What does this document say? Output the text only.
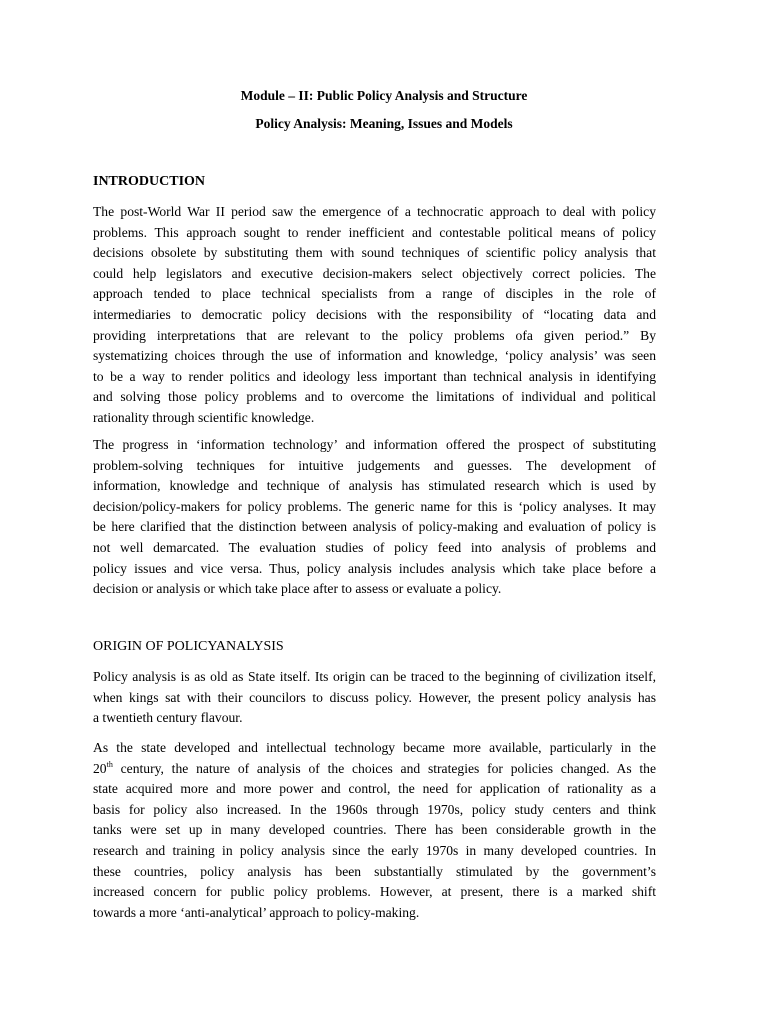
Module – II: Public Policy Analysis and Structure
Policy Analysis: Meaning, Issues and Models
INTRODUCTION
The post-World War II period saw the emergence of a technocratic approach to deal with policy
problems. This approach sought to render inefficient and contestable political means of policy
decisions obsolete by substituting them with sound techniques of scientific policy analysis that
could help legislators and executive decision-makers select objectively correct policies. The
approach tended to place technical specialists from a range of disciples in the role of
intermediaries to democratic policy decisions with the responsibility of “locating data and
providing interpretations that are relevant to the policy problems ofa given period.” By
systematizing choices through the use of information and knowledge, ‘policy analysis’ was seen
to be a way to render politics and ideology less important than technical analysis in identifying
and solving those policy problems and to overcome the limitations of individual and political
rationality through scientific knowledge.
The progress in ‘information technology’ and information offered the prospect of substituting
problem-solving techniques for intuitive judgements and guesses. The development of
information, knowledge and technique of analysis has stimulated research which is used by
decision/policy-makers for policy problems. The generic name for this is ‘policy analyses. It may
be here clarified that the distinction between analysis of policy-making and evaluation of policy is
not well demarcated. The evaluation studies of policy feed into analysis of problems and
policy issues and vice versa. Thus, policy analysis includes analysis which take place before a
decision or analysis or which take place after to assess or evaluate a policy.
ORIGIN OF POLICYANALYSIS
Policy analysis is as old as State itself. Its origin can be traced to the beginning of civilization itself,
when kings sat with their councilors to discuss policy. However, the present policy analysis has
a twentieth century flavour.
As the state developed and intellectual technology became more available, particularly in the
20th century, the nature of analysis of the choices and strategies for policies changed. As the
state acquired more and more power and control, the need for application of rationality as a
basis for policy also increased. In the 1960s through 1970s, policy study centers and think
tanks were set up in many developed countries. There has been considerable growth in the
research and training in policy analysis since the early 1970s in many developed countries. In
these countries, policy analysis has been substantially stimulated by the government’s
increased concern for public policy problems. However, at present, there is a marked shift
towards a more ‘anti-analytical’ approach to policy-making.
